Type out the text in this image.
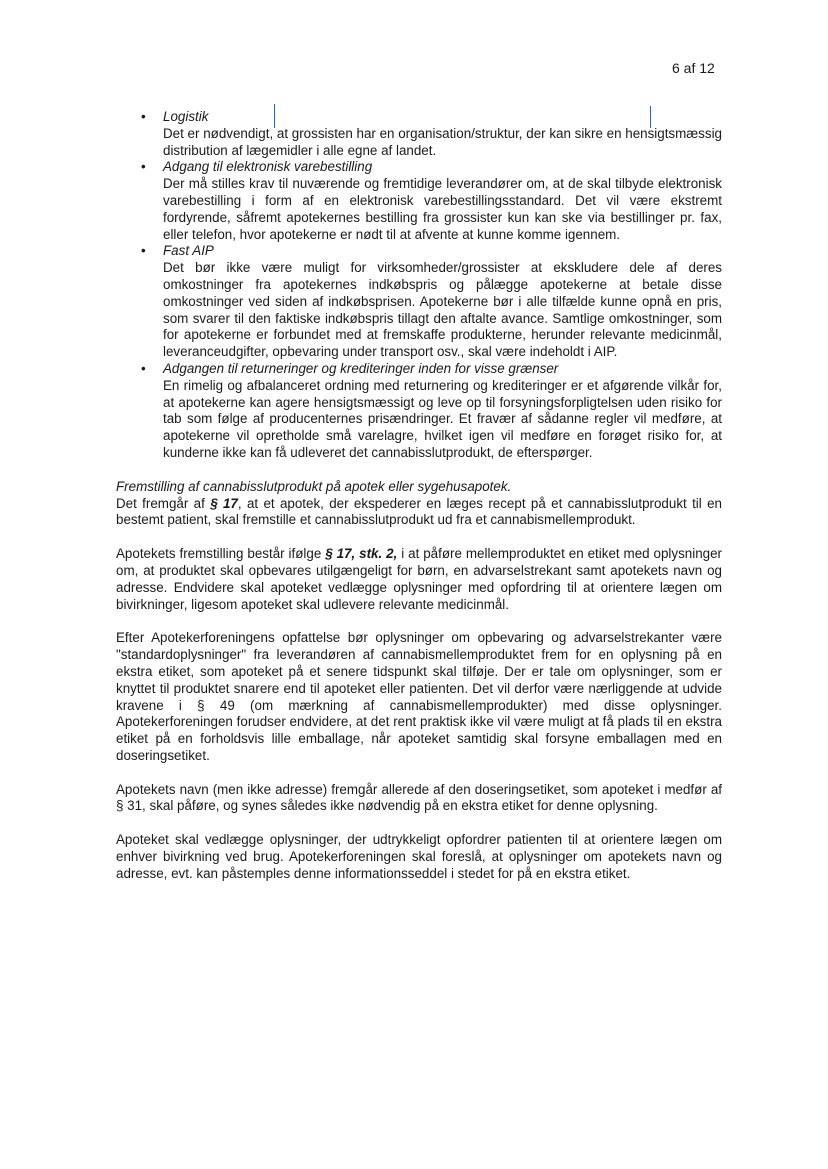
6 af 12
• Logistik
Det er nødvendigt, at grossisten har en organisation/struktur, der kan sikre en hensigtsmæssig distribution af lægemidler i alle egne af landet.
• Adgang til elektronisk varebestilling
Der må stilles krav til nuværende og fremtidige leverandører om, at de skal tilbyde elektronisk varebestilling i form af en elektronisk varebestillingsstandard. Det vil være ekstremt fordyrende, såfremt apotekernes bestilling fra grossister kun kan ske via bestillinger pr. fax, eller telefon, hvor apotekerne er nødt til at afvente at kunne komme igennem.
• Fast AIP
Det bør ikke være muligt for virksomheder/grossister at ekskludere dele af deres omkostninger fra apotekernes indkøbspris og pålægge apotekerne at betale disse omkostninger ved siden af indkøbsprisen. Apotekerne bør i alle tilfælde kunne opnå en pris, som svarer til den faktiske indkøbspris tillagt den aftalte avance. Samtlige omkostninger, som for apotekerne er forbundet med at fremskaffe produkterne, herunder relevante medicinmål, leveranceudgifter, opbevaring under transport osv., skal være indeholdt i AIP.
• Adgangen til returneringer og krediteringer inden for visse grænser
En rimelig og afbalanceret ordning med returnering og krediteringer er et afgørende vilkår for, at apotekerne kan agere hensigtsmæssigt og leve op til forsyningsforpligtelsen uden risiko for tab som følge af producenternes prisændringer. Et fravær af sådanne regler vil medføre, at apotekerne vil opretholde små varelagre, hvilket igen vil medføre en forøget risiko for, at kunderne ikke kan få udleveret det cannabisslutprodukt, de efterspørger.
Fremstilling af cannabisslutprodukt på apotek eller sygehusapotek.
Det fremgår af § 17, at et apotek, der ekspederer en læges recept på et cannabisslutprodukt til en bestemt patient, skal fremstille et cannabisslutprodukt ud fra et cannabismellemprodukt.
Apotekets fremstilling består ifølge § 17, stk. 2, i at påføre mellemproduktet en etiket med oplysninger om, at produktet skal opbevares utilgængeligt for børn, en advarselstrekant samt apotekets navn og adresse. Endvidere skal apoteket vedlægge oplysninger med opfordring til at orientere lægen om bivirkninger, ligesom apoteket skal udlevere relevante medicinmål.
Efter Apotekerforeningens opfattelse bør oplysninger om opbevaring og advarselstrekanter være "standardoplysninger" fra leverandøren af cannabismellemproduktet frem for en oplysning på en ekstra etiket, som apoteket på et senere tidspunkt skal tilføje. Der er tale om oplysninger, som er knyttet til produktet snarere end til apoteket eller patienten. Det vil derfor være nærliggende at udvide kravene i § 49 (om mærkning af cannabismellemprodukter) med disse oplysninger. Apotekerforeningen forudser endvidere, at det rent praktisk ikke vil være muligt at få plads til en ekstra etiket på en forholdsvis lille emballage, når apoteket samtidig skal forsyne emballagen med en doseringsetiket.
Apotekets navn (men ikke adresse) fremgår allerede af den doseringsetiket, som apoteket i medfør af § 31, skal påføre, og synes således ikke nødvendig på en ekstra etiket for denne oplysning.
Apoteket skal vedlægge oplysninger, der udtrykkeligt opfordrer patienten til at orientere lægen om enhver bivirkning ved brug. Apotekerforeningen skal foreslå, at oplysninger om apotekets navn og adresse, evt. kan påstemples denne informationsseddel i stedet for på en ekstra etiket.
